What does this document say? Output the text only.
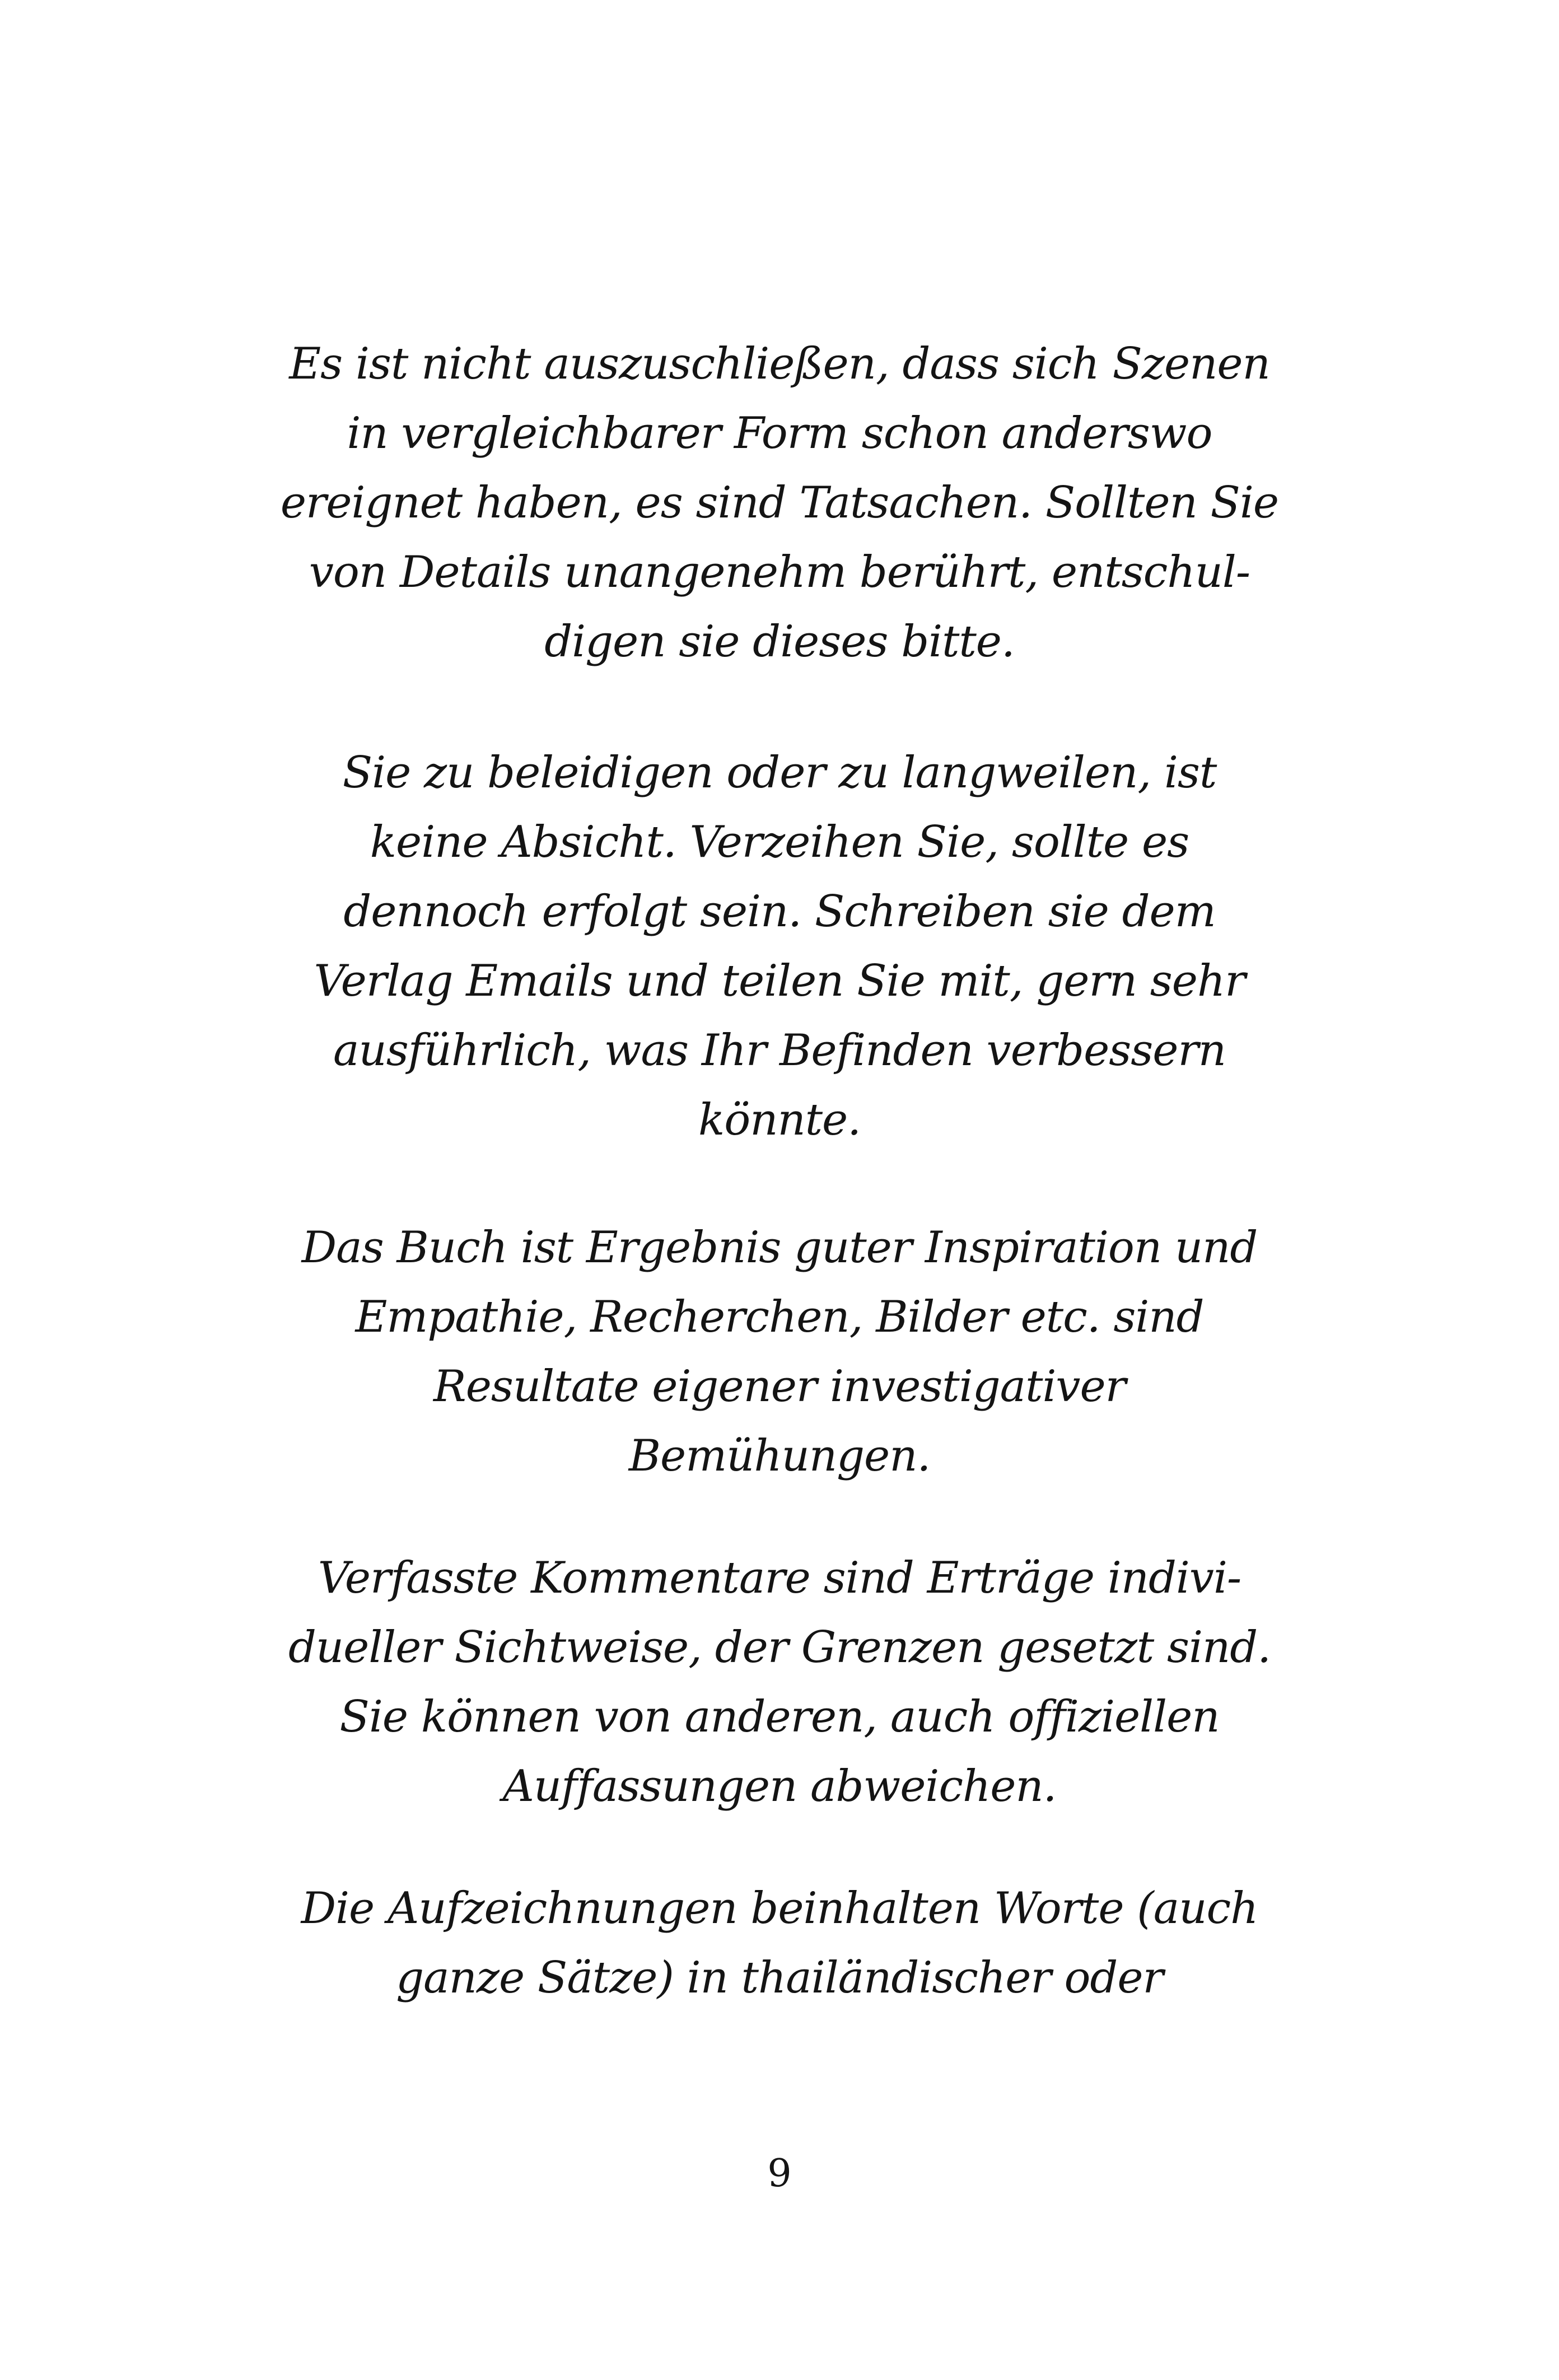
Es ist nicht auszuschließen, dass sich Szenen
in vergleichbarer Form schon anderswo
ereignet haben, es sind Tatsachen. Sollten Sie
von Details unangenehm berührt, entschul-
digen sie dieses bitte.
Sie zu beleidigen oder zu langweilen, ist
keine Absicht. Verzeihen Sie, sollte es
dennoch erfolgt sein. Schreiben sie dem
Verlag Emails und teilen Sie mit, gern sehr
ausführlich, was Ihr Befinden verbessern
könnte.
Das Buch ist Ergebnis guter Inspiration und
Empathie, Recherchen, Bilder etc. sind
Resultate eigener investigativer
Bemühungen.
Verfasste Kommentare sind Erträge indivi-
dueller Sichtweise, der Grenzen gesetzt sind.
Sie können von anderen, auch offiziellen
Auffassungen abweichen.
Die Aufzeichnungen beinhalten Worte (auch
ganze Sätze) in thailändischer oder
9
